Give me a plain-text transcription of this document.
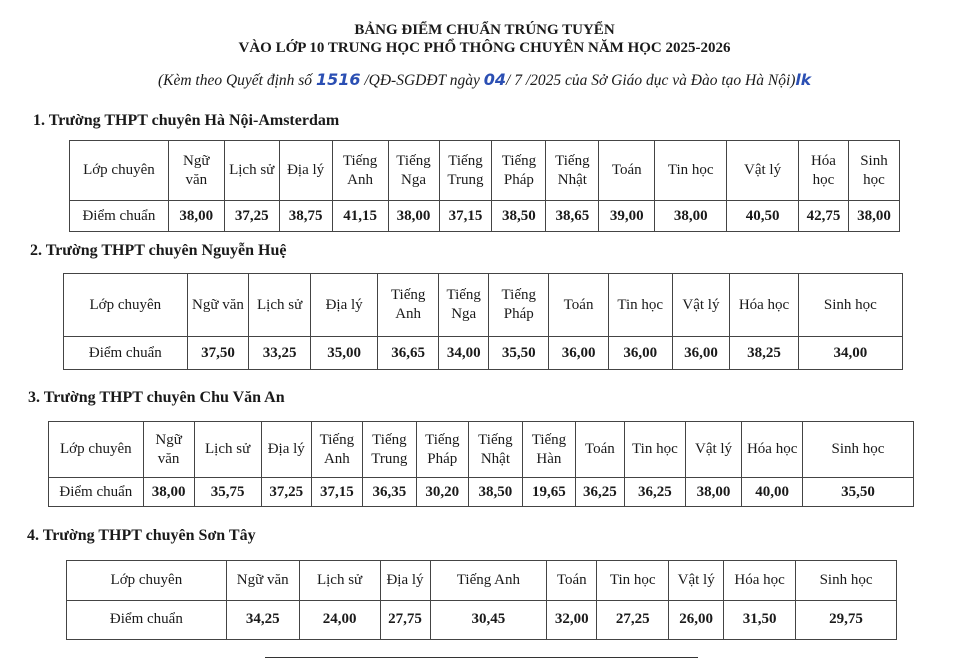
BẢNG ĐIỂM CHUẨN TRÚNG TUYỂN
VÀO LỚP 10 TRUNG HỌC PHỔ THÔNG CHUYÊN NĂM HỌC 2025-2026
(Kèm theo Quyết định số 1516 /QĐ-SGDĐT ngày 04/ 7 /2025 của Sở Giáo dục và Đào tạo Hà Nội)lk
1. Trường THPT chuyên Hà Nội-Amsterdam
Lớp chuyên	Ngữ văn	Lịch sử	Địa lý	Tiếng Anh	Tiếng Nga	Tiếng Trung	Tiếng Pháp	Tiếng Nhật	Toán	Tin học	Vật lý	Hóa học	Sinh học
Điểm chuẩn	38,00	37,25	38,75	41,15	38,00	37,15	38,50	38,65	39,00	38,00	40,50	42,75	38,00
2. Trường THPT chuyên Nguyễn Huệ
Lớp chuyên	Ngữ văn	Lịch sử	Địa lý	Tiếng Anh	Tiếng Nga	Tiếng Pháp	Toán	Tin học	Vật lý	Hóa học	Sinh học
Điểm chuẩn	37,50	33,25	35,00	36,65	34,00	35,50	36,00	36,00	36,00	38,25	34,00
3. Trường THPT chuyên Chu Văn An
Lớp chuyên	Ngữ văn	Lịch sử	Địa lý	Tiếng Anh	Tiếng Trung	Tiếng Pháp	Tiếng Nhật	Tiếng Hàn	Toán	Tin học	Vật lý	Hóa học	Sinh học
Điểm chuẩn	38,00	35,75	37,25	37,15	36,35	30,20	38,50	19,65	36,25	36,25	38,00	40,00	35,50
4. Trường THPT chuyên Sơn Tây
Lớp chuyên	Ngữ văn	Lịch sử	Địa lý	Tiếng Anh	Toán	Tin học	Vật lý	Hóa học	Sinh học
Điểm chuẩn	34,25	24,00	27,75	30,45	32,00	27,25	26,00	31,50	29,75
